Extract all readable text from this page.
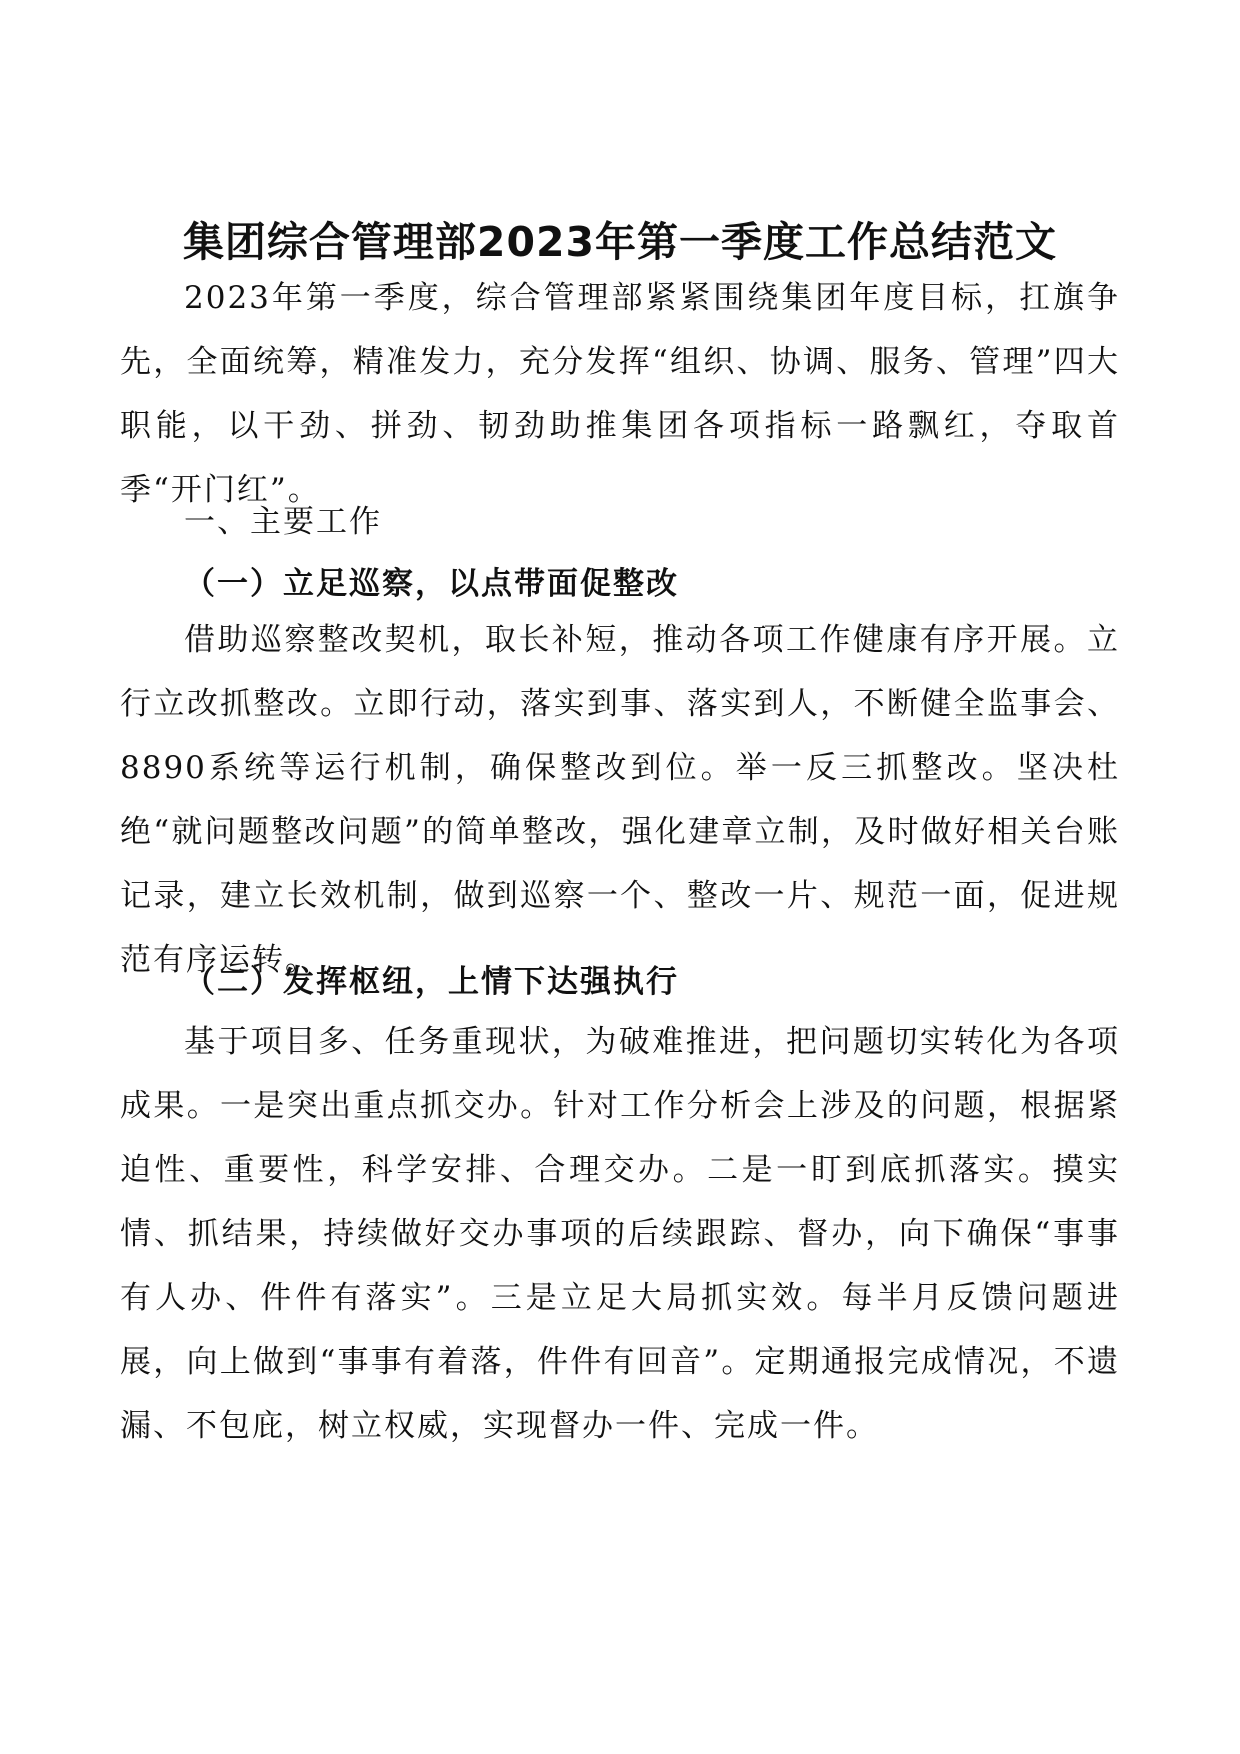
集团综合管理部2023年第一季度工作总结范文

2023年第一季度，综合管理部紧紧围绕集团年度目标，扛旗争先，全面统筹，精准发力，充分发挥“组织、协调、服务、管理”四大职能，以干劲、拼劲、韧劲助推集团各项指标一路飘红，夺取首季“开门红”。

一、主要工作
（一）立足巡察，以点带面促整改

借助巡察整改契机，取长补短，推动各项工作健康有序开展。立行立改抓整改。立即行动，落实到事、落实到人，不断健全监事会、8890系统等运行机制，确保整改到位。举一反三抓整改。坚决杜绝“就问题整改问题”的简单整改，强化建章立制，及时做好相关台账记录，建立长效机制，做到巡察一个、整改一片、规范一面，促进规范有序运转。

（二）发挥枢纽，上情下达强执行

基于项目多、任务重现状，为破难推进，把问题切实转化为各项成果。一是突出重点抓交办。针对工作分析会上涉及的问题，根据紧迫性、重要性，科学安排、合理交办。二是一盯到底抓落实。摸实情、抓结果，持续做好交办事项的后续跟踪、督办，向下确保“事事有人办、件件有落实”。三是立足大局抓实效。每半月反馈问题进展，向上做到“事事有着落，件件有回音”。定期通报完成情况，不遗漏、不包庇，树立权威，实现督办一件、完成一件。
